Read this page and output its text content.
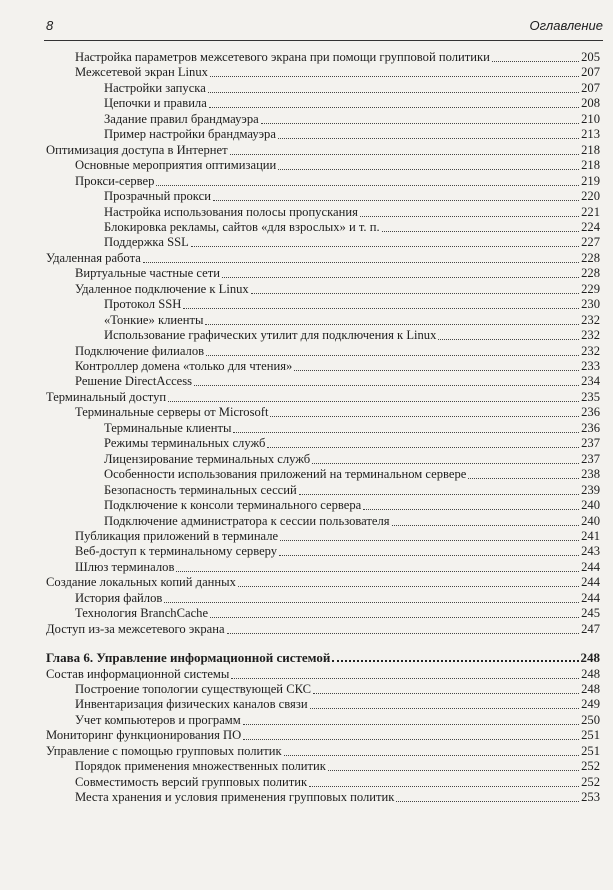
8	Оглавление
Настройка параметров межсетевого экрана при помощи групповой политики	205
Межсетевой экран Linux	207
Настройки запуска	207
Цепочки и правила	208
Задание правил брандмауэра	210
Пример настройки брандмауэра	213
Оптимизация доступа в Интернет	218
Основные мероприятия оптимизации	218
Прокси-сервер	219
Прозрачный прокси	220
Настройка использования полосы пропускания	221
Блокировка рекламы, сайтов «для взрослых» и т. п.	224
Поддержка SSL	227
Удаленная работа	228
Виртуальные частные сети	228
Удаленное подключение к Linux	229
Протокол SSH	230
«Тонкие» клиенты	232
Использование графических утилит для подключения к Linux	232
Подключение филиалов	232
Контроллер домена «только для чтения»	233
Решение DirectAccess	234
Терминальный доступ	235
Терминальные серверы от Microsoft	236
Терминальные клиенты	236
Режимы терминальных служб	237
Лицензирование терминальных служб	237
Особенности использования приложений на терминальном сервере	238
Безопасность терминальных сессий	239
Подключение к консоли терминального сервера	240
Подключение администратора к сессии пользователя	240
Публикация приложений в терминале	241
Веб-доступ к терминальному серверу	243
Шлюз терминалов	244
Создание локальных копий данных	244
История файлов	244
Технология BranchCache	245
Доступ из-за межсетевого экрана	247
Глава 6. Управление информационной системой	248
Состав информационной системы	248
Построение топологии существующей СКС	248
Инвентаризация физических каналов связи	249
Учет компьютеров и программ	250
Мониторинг функционирования ПО	251
Управление с помощью групповых политик	251
Порядок применения множественных политик	252
Совместимость версий групповых политик	252
Места хранения и условия применения групповых политик	253
